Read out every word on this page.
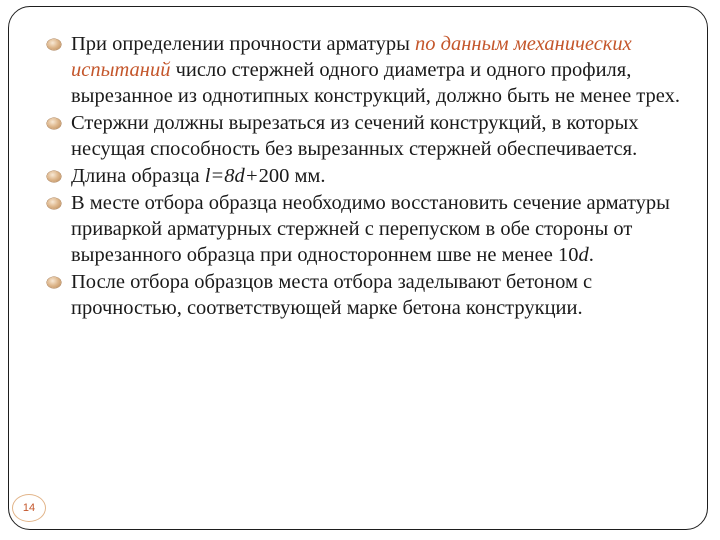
При определении прочности арматуры по данным механических испытаний число стержней одного диаметра и одного профиля, вырезанное из однотипных конструкций, должно быть не менее трех.
Стержни должны вырезаться из сечений конструкций, в которых несущая способность без вырезанных стержней обеспечивается.
Длина образца l=8d+200 мм.
В месте отбора образца необходимо восстановить сечение арматуры приваркой арматурных стержней с перепуском в обе стороны от вырезанного образца при одностороннем шве не менее 10d.
После отбора образцов места отбора заделывают бетоном с прочностью, соответствующей марке бетона конструкции.
14
